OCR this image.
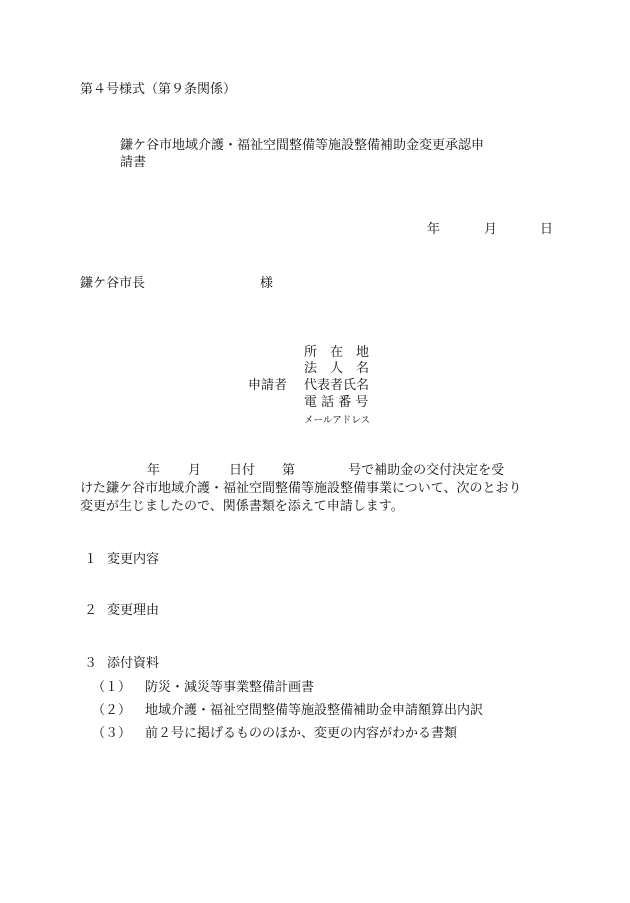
第４号様式（第９条関係）
鎌ケ谷市地域介護・福祉空間整備等施設整備補助金変更承認申
請書
年	月	日
鎌ケ谷市長	様
申請者
所　在　地
法　人　名
代表者氏名
電 話 番 号
メールアドレス
年 月 日付 第	号で補助金の交付決定を受
けた鎌ケ谷市地域介護・福祉空間整備等施設整備事業について、次のとおり
変更が生じましたので、関係書類を添えて申請します。
１ 変更内容
２ 変更理由
３ 添付資料
（１） 防災・減災等事業整備計画書
（２） 地域介護・福祉空間整備等施設整備補助金申請額算出内訳
（３） 前２号に掲げるもののほか、変更の内容がわかる書類
